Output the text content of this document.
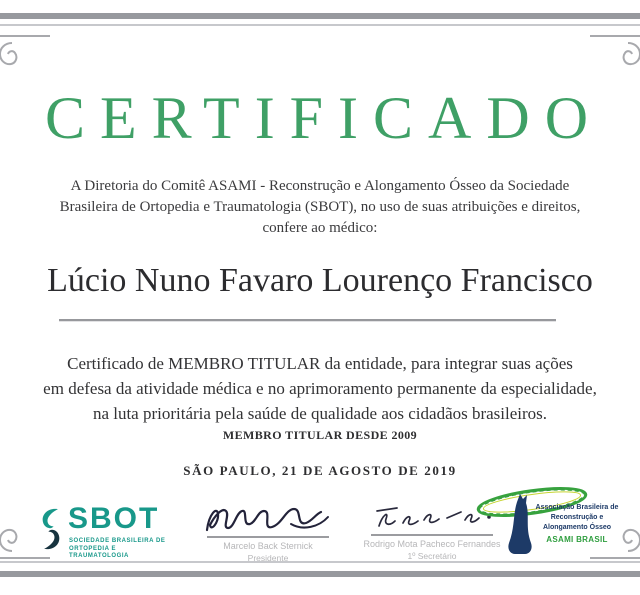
CERTIFICADO
A Diretoria do Comitê ASAMI - Reconstrução e Alongamento Ósseo da Sociedade
Brasileira de Ortopedia e Traumatologia (SBOT), no uso de suas atribuições e direitos,
confere ao médico:
Lúcio Nuno Favaro Lourenço Francisco
Certificado de MEMBRO TITULAR da entidade, para integrar suas ações
em defesa da atividade médica e no aprimoramento permanente da especialidade,
na luta prioritária pela saúde de qualidade aos cidadãos brasileiros.
MEMBRO TITULAR DESDE 2009
SÃO PAULO, 21 DE AGOSTO DE 2019
SBOT
SOCIEDADE BRASILEIRA DE
ORTOPEDIA E TRAUMATOLOGIA
Marcelo Back Sternick
Presidente
Rodrigo Mota Pacheco Fernandes
1º Secretário
Associação Brasileira de Reconstrução e Alongamento Ósseo
ASAMI BRASIL
